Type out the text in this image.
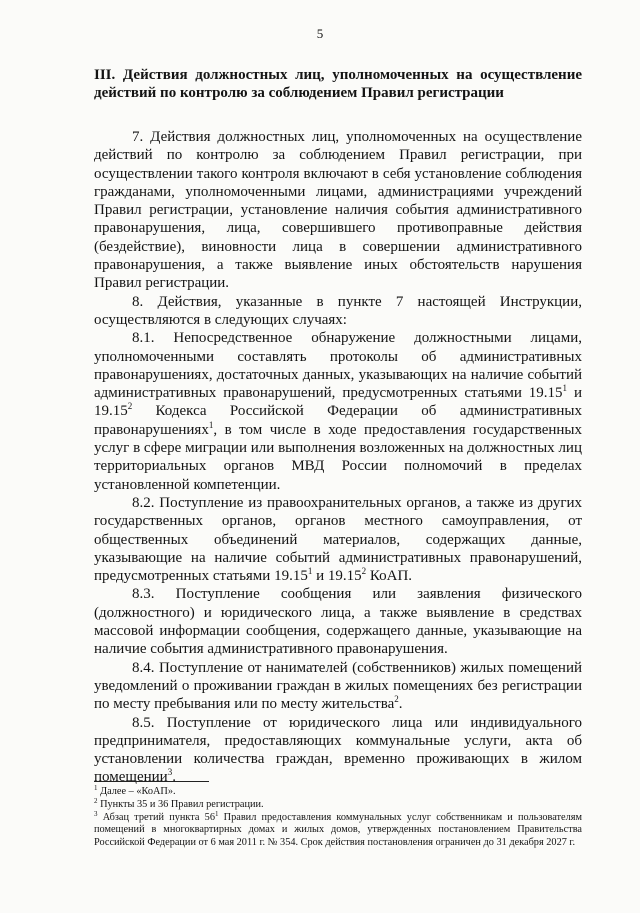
5
III. Действия должностных лиц, уполномоченных на осуществление действий по контролю за соблюдением Правил регистрации

7. Действия должностных лиц, уполномоченных на осуществление действий по контролю за соблюдением Правил регистрации, при осуществлении такого контроля включают в себя установление соблюдения гражданами, уполномоченными лицами, администрациями учреждений Правил регистрации, установление наличия события административного правонарушения, лица, совершившего противоправные действия (бездействие), виновности лица в совершении административного правонарушения, а также выявление иных обстоятельств нарушения Правил регистрации.

8. Действия, указанные в пункте 7 настоящей Инструкции, осуществляются в следующих случаях:

8.1. Непосредственное обнаружение должностными лицами, уполномоченными составлять протоколы об административных правонарушениях, достаточных данных, указывающих на наличие событий административных правонарушений, предусмотренных статьями 19.15$^1$ и 19.15$^2$ Кодекса Российской Федерации об административных правонарушениях$^1$, в том числе в ходе предоставления государственных услуг в сфере миграции или выполнения возложенных на должностных лиц территориальных органов МВД России полномочий в пределах установленной компетенции.

8.2. Поступление из правоохранительных органов, а также из других государственных органов, органов местного самоуправления, от общественных объединений материалов, содержащих данные, указывающие на наличие событий административных правонарушений, предусмотренных статьями 19.15$^1$ и 19.15$^2$ КоАП.

8.3. Поступление сообщения или заявления физического (должностного) и юридического лица, а также выявление в средствах массовой информации сообщения, содержащего данные, указывающие на наличие события административного правонарушения.

8.4. Поступление от нанимателей (собственников) жилых помещений уведомлений о проживании граждан в жилых помещениях без регистрации по месту пребывания или по месту жительства$^2$.

8.5. Поступление от юридического лица или индивидуального предпринимателя, предоставляющих коммунальные услуги, акта об установлении количества граждан, временно проживающих в жилом помещении$^3$.

$^1$ Далее – «КоАП».

$^2$ Пункты 35 и 36 Правил регистрации.

$^3$ Абзац третий пункта $56^1$ Правил предоставления коммунальных услуг собственникам и пользователям помещений в многоквартирных домах и жилых домов, утвержденных постановлением Правительства Российской Федерации от 6 мая 2011 г. № 354. Срок действия постановления ограничен до 31 декабря 2027 г.
